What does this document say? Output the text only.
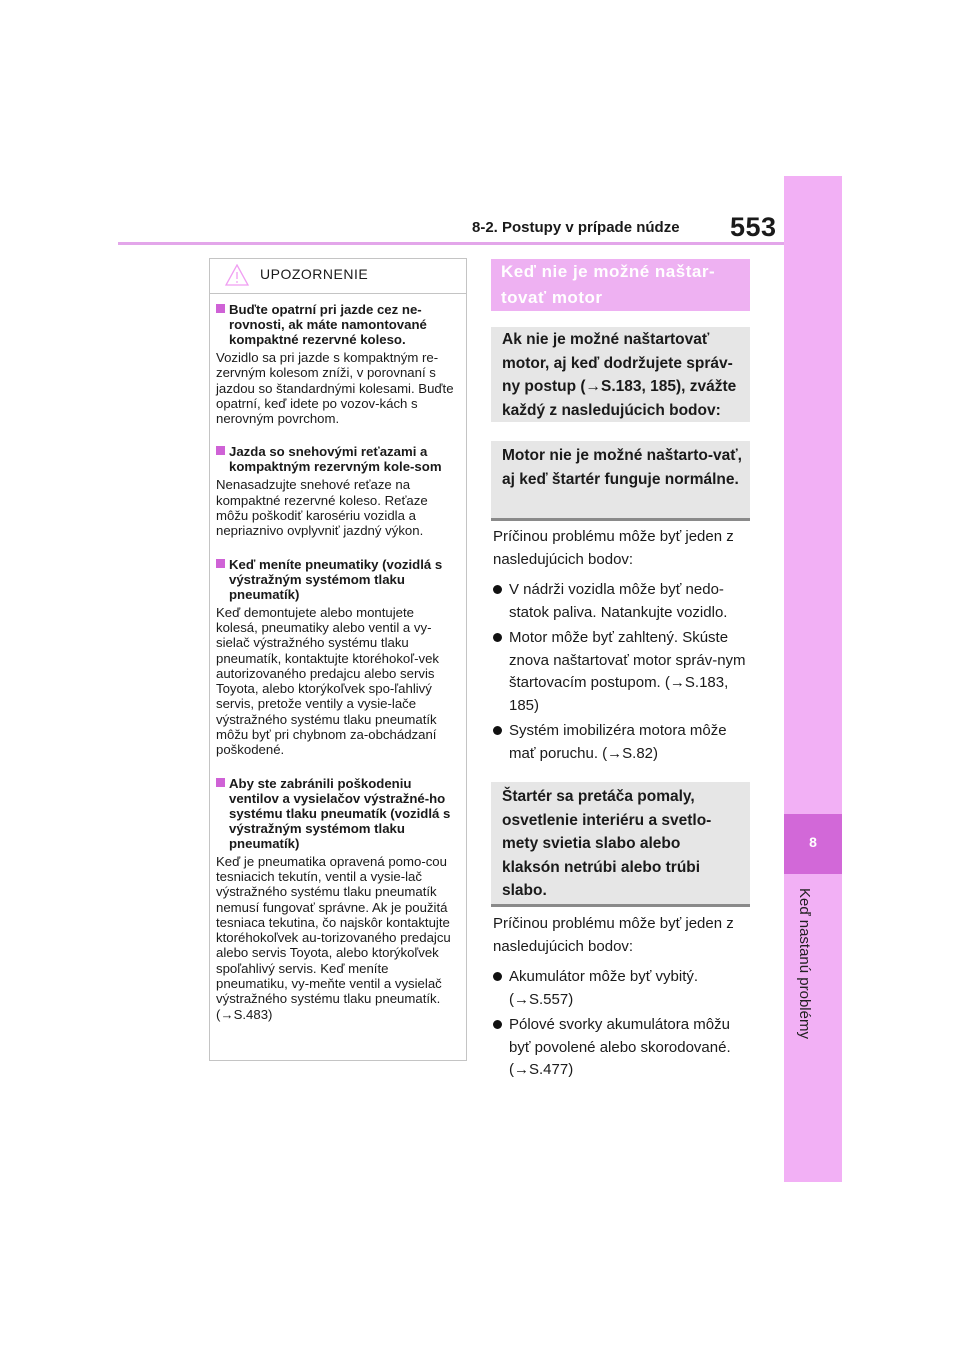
8-2. Postupy v prípade núdze 553
8
Keď nastanú problémy
UPOZORNENIE
Buďte opatrní pri jazde cez ne-rovnosti, ak máte namontované kompaktné rezervné koleso.
Vozidlo sa pri jazde s kompaktným re-zervným kolesom zníži, v porovnaní s jazdou so štandardnými kolesami. Buďte opatrní, keď idete po vozov-kách s nerovným povrchom.
Jazda so snehovými reťazami a kompaktným rezervným kole-som
Nenasadzujte snehové reťaze na kompaktné rezervné koleso. Reťaze môžu poškodiť karosériu vozidla a nepriaznivo ovplyvniť jazdný výkon.
Keď meníte pneumatiky (vozidlá s výstražným systémom tlaku pneumatík)
Keď demontujete alebo montujete kolesá, pneumatiky alebo ventil a vy-sielač výstražného systému tlaku pneumatík, kontaktujte ktoréhokoľ-vek autorizovaného predajcu alebo servis Toyota, alebo ktorýkoľvek spo-ľahlivý servis, pretože ventily a vysie-lače výstražného systému tlaku pneumatík môžu byť pri chybnom za-obchádzaní poškodené.
Aby ste zabránili poškodeniu ventilov a vysielačov výstražné-ho systému tlaku pneumatík (vozidlá s výstražným systémom tlaku pneumatík)
Keď je pneumatika opravená pomo-cou tesniacich tekutín, ventil a vysie-lač výstražného systému tlaku pneumatík nemusí fungovať správne. Ak je použitá tesniaca tekutina, čo najskôr kontaktujte ktoréhokoľvek au-torizovaného predajcu alebo servis Toyota, alebo ktorýkoľvek spoľahlivý servis. Keď meníte pneumatiku, vy-meňte ventil a vysielač výstražného systému tlaku pneumatík. (→S.483)
Keď nie je možné naštar-tovať motor
Ak nie je možné naštartovať motor, aj keď dodržujete správ-ny postup (→S.183, 185), zvážte každý z nasledujúcich bodov:
Motor nie je možné naštarto-vať, aj keď štartér funguje normálne.
Príčinou problému môže byť jeden z nasledujúcich bodov:
V nádrži vozidla môže byť nedo-statok paliva. Natankujte vozidlo.
Motor môže byť zahltený. Skúste znova naštartovať motor správ-nym štartovacím postupom. (→S.183, 185)
Systém imobilizéra motora môže mať poruchu. (→S.82)
Štartér sa pretáča pomaly, osvetlenie interiéru a svetlo-mety svietia slabo alebo klaksón netrúbi alebo trúbi slabo.
Príčinou problému môže byť jeden z nasledujúcich bodov:
Akumulátor môže byť vybitý. (→S.557)
Pólové svorky akumulátora môžu byť povolené alebo skorodované. (→S.477)
